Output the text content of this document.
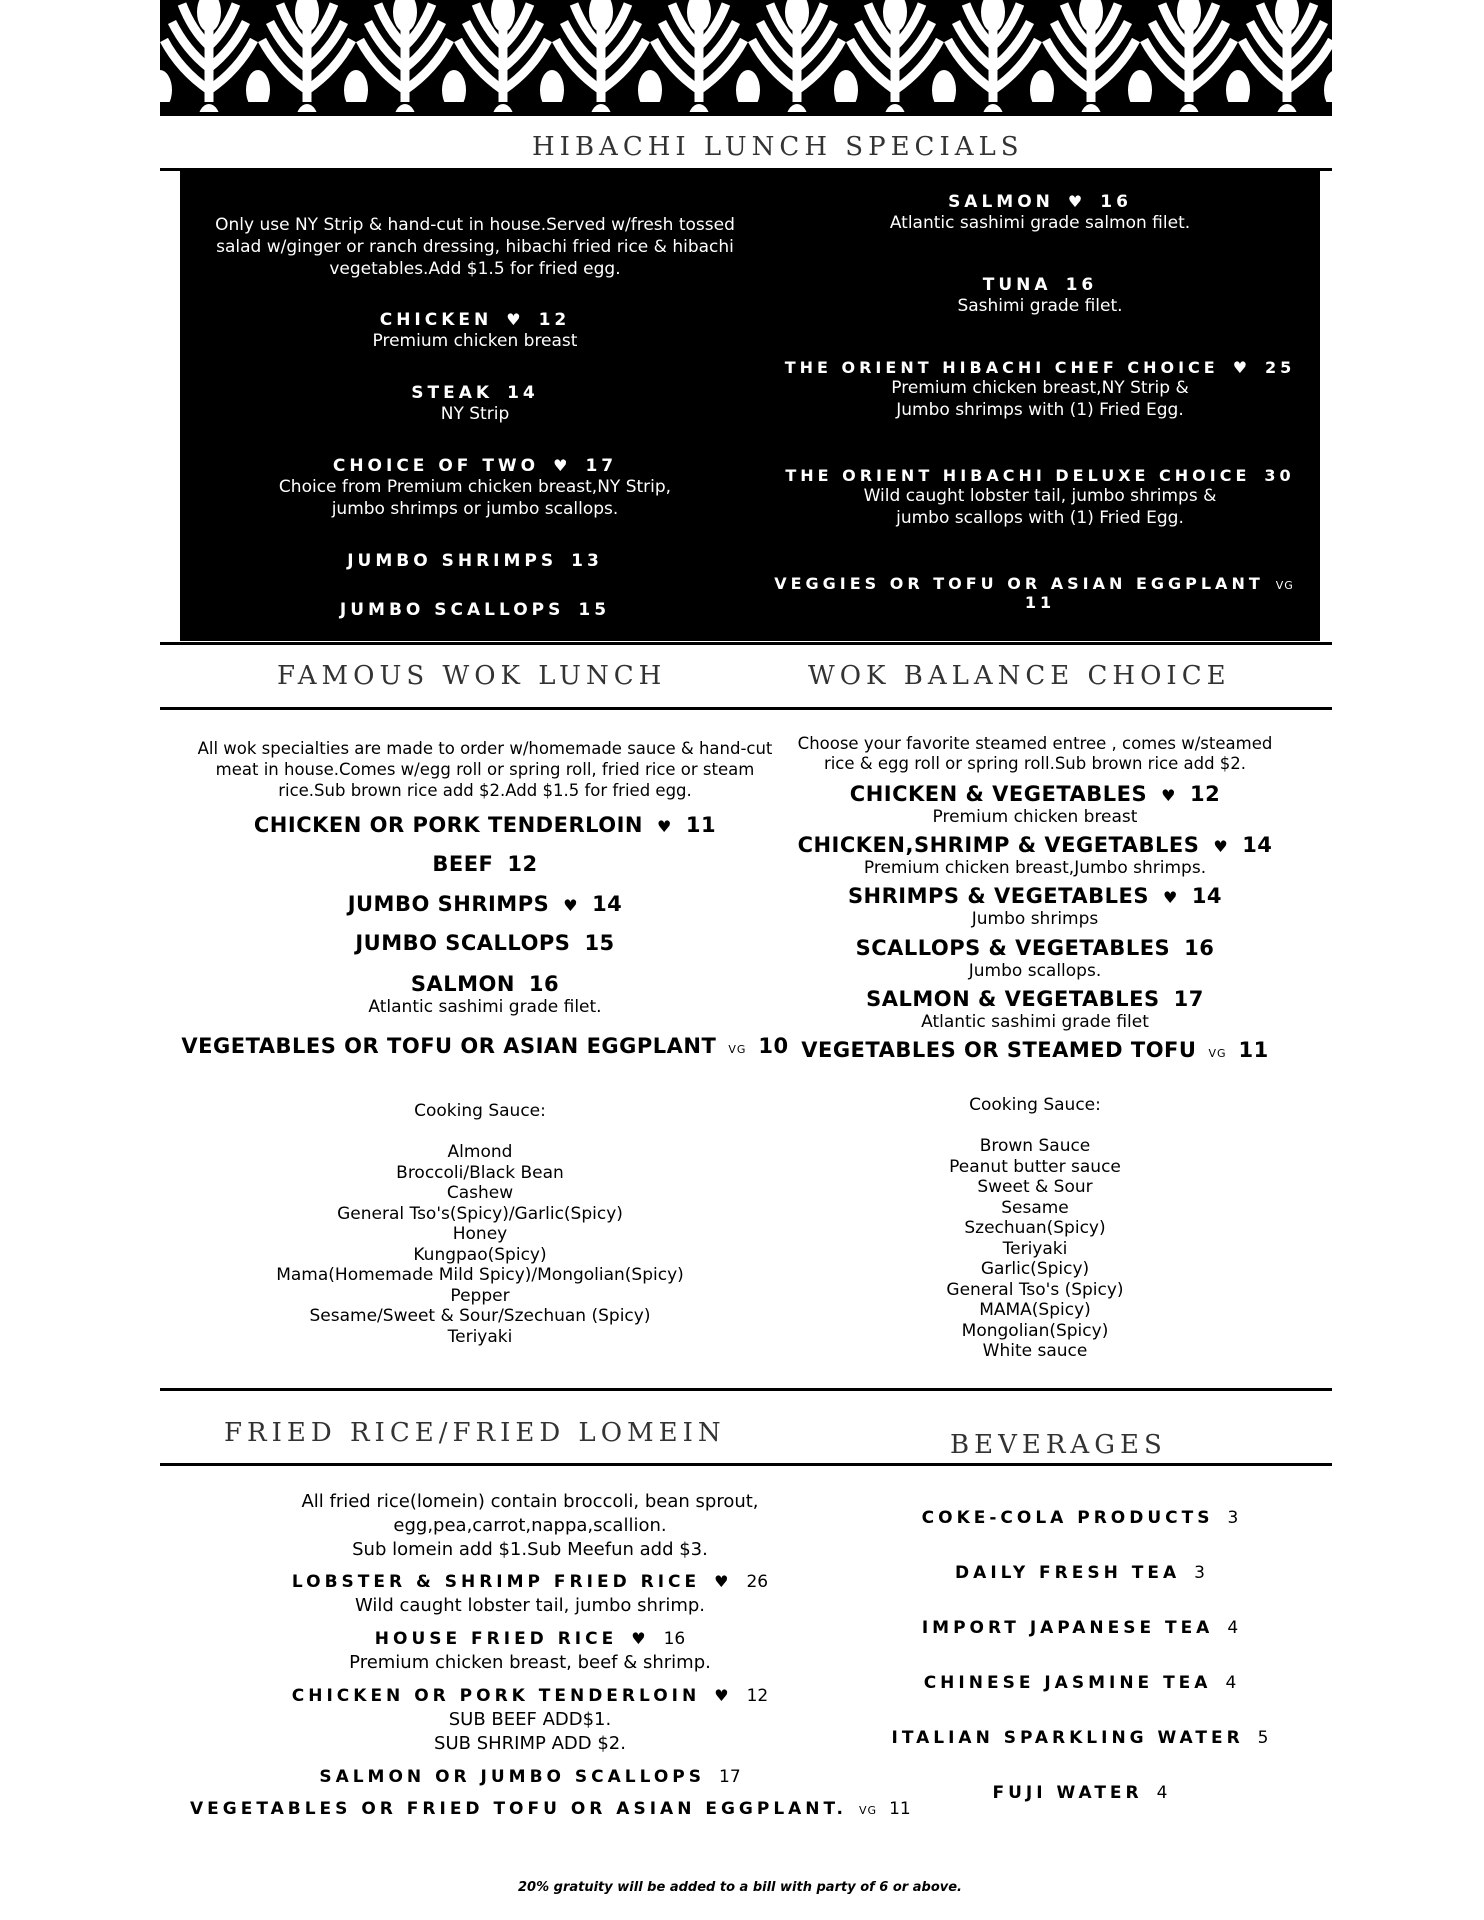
HIBACHI LUNCH SPECIALS
Only use NY Strip & hand-cut in house.Served w/fresh tossed salad w/ginger or ranch dressing, hibachi fried rice & hibachi vegetables.Add $1.5 for fried egg.
CHICKEN ♥ 12
Premium chicken breast
STEAK 14
NY Strip
CHOICE OF TWO ♥ 17
Choice from Premium chicken breast,NY Strip, jumbo shrimps or jumbo scallops.
JUMBO SHRIMPS 13
JUMBO SCALLOPS 15
SALMON ♥ 16
Atlantic sashimi grade salmon filet.
TUNA 16
Sashimi grade filet.
THE ORIENT HIBACHI CHEF CHOICE ♥ 25
Premium chicken breast,NY Strip & Jumbo shrimps with (1) Fried Egg.
THE ORIENT HIBACHI DELUXE CHOICE 30
Wild caught lobster tail, jumbo shrimps & jumbo scallops with (1) Fried Egg.
VEGGIES OR TOFU OR ASIAN EGGPLANT VG
11
FAMOUS WOK LUNCH	WOK BALANCE CHOICE
All wok specialties are made to order w/homemade sauce & hand-cut meat in house.Comes w/egg roll or spring roll, fried rice or steam rice.Sub brown rice add $2.Add $1.5 for fried egg.
CHICKEN OR PORK TENDERLOIN ♥ 11
BEEF 12
JUMBO SHRIMPS ♥ 14
JUMBO SCALLOPS 15
SALMON 16
Atlantic sashimi grade filet.
VEGETABLES OR TOFU OR ASIAN EGGPLANT VG 10
Cooking Sauce:
Almond
Broccoli/Black Bean
Cashew
General Tso's(Spicy)/Garlic(Spicy)
Honey
Kungpao(Spicy)
Mama(Homemade Mild Spicy)/Mongolian(Spicy)
Pepper
Sesame/Sweet & Sour/Szechuan (Spicy)
Teriyaki
Choose your favorite steamed entree , comes w/steamed rice & egg roll or spring roll.Sub brown rice add $2.
CHICKEN & VEGETABLES ♥ 12
Premium chicken breast
CHICKEN,SHRIMP & VEGETABLES ♥ 14
Premium chicken breast,Jumbo shrimps.
SHRIMPS & VEGETABLES ♥ 14
Jumbo shrimps
SCALLOPS & VEGETABLES 16
Jumbo scallops.
SALMON & VEGETABLES 17
Atlantic sashimi grade filet
VEGETABLES OR STEAMED TOFU VG 11
Cooking Sauce:
Brown Sauce
Peanut butter sauce
Sweet & Sour
Sesame
Szechuan(Spicy)
Teriyaki
Garlic(Spicy)
General Tso's (Spicy)
MAMA(Spicy)
Mongolian(Spicy)
White sauce
FRIED RICE/FRIED LOMEIN	BEVERAGES
All fried rice(lomein) contain broccoli, bean sprout,
egg,pea,carrot,nappa,scallion.
Sub lomein add $1.Sub Meefun add $3.
LOBSTER & SHRIMP FRIED RICE ♥ 26
Wild caught lobster tail, jumbo shrimp.
HOUSE FRIED RICE ♥ 16
Premium chicken breast, beef & shrimp.
CHICKEN OR PORK TENDERLOIN ♥ 12
SUB BEEF ADD$1.
SUB SHRIMP ADD $2.
SALMON OR JUMBO SCALLOPS 17
VEGETABLES OR FRIED TOFU OR ASIAN EGGPLANT. VG 11
COKE-COLA PRODUCTS 3
DAILY FRESH TEA 3
IMPORT JAPANESE TEA 4
CHINESE JASMINE TEA 4
ITALIAN SPARKLING WATER 5
FUJI WATER 4
20% gratuity will be added to a bill with party of 6 or above.
